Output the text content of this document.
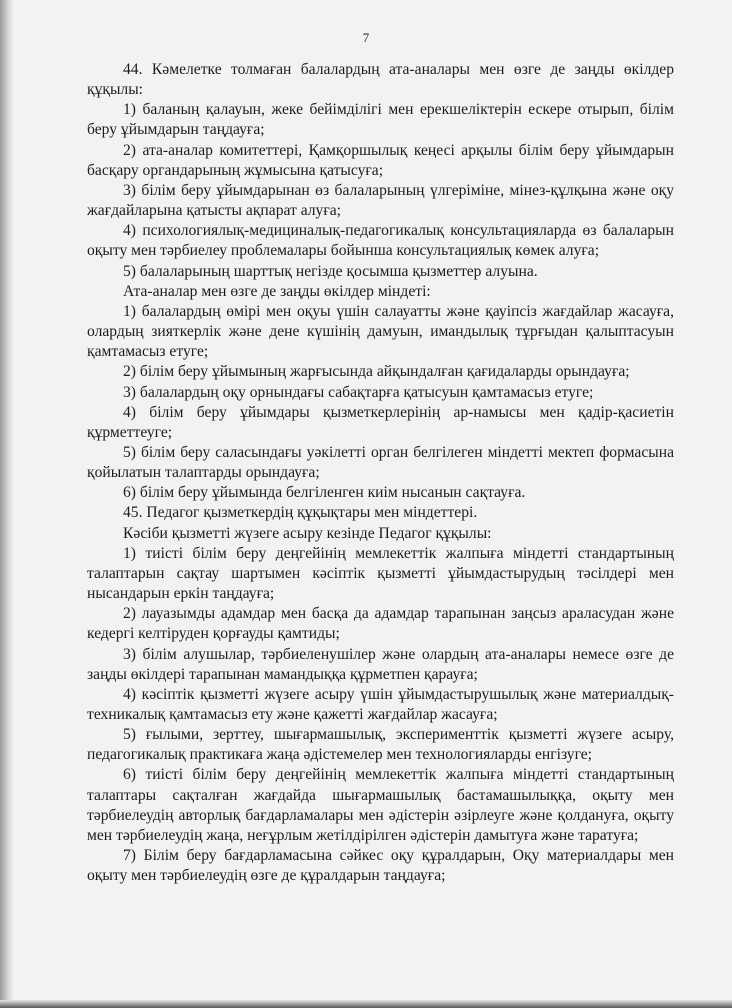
7

44. Кәмелетке толмаған балалардың ата-аналары мен өзге де заңды өкілдер құқылы:

1) баланың қалауын, жеке бейімділігі мен ерекшеліктерін ескере отырып, білім беру ұйымдарын таңдауға;

2) ата-аналар комитеттері, Қамқоршылық кеңесі арқылы білім беру ұйымдарын басқару органдарының жұмысына қатысуға;

3) білім беру ұйымдарынан өз балаларының үлгеріміне, мінез-құлқына және оқу жағдайларына қатысты ақпарат алуға;

4) психологиялық-медициналық-педагогикалық консультацияларда өз балаларын оқыту мен тәрбиелеу проблемалары бойынша консультациялық көмек алуға;

5) балаларының шарттық негізде қосымша қызметтер алуына.

Ата-аналар мен өзге де заңды өкілдер міндеті:

1) балалардың өмірі мен оқуы үшін салауатты және қауіпсіз жағдайлар жасауға, олардың зияткерлік және дене күшінің дамуын, имандылық тұрғыдан қалыптасуын қамтамасыз етуге;

2) білім беру ұйымының жарғысында айқындалған қағидаларды орындауға;

3) балалардың оқу орнындағы сабақтарға қатысуын қамтамасыз етуге;

4) білім беру ұйымдары қызметкерлерінің ар-намысы мен қадір-қасиетін құрметтеуге;

5) білім беру саласындағы уәкілетті орган белгілеген міндетті мектеп формасына қойылатын талаптарды орындауға;

6) білім беру ұйымында белгіленген киім нысанын сақтауға.

45. Педагог қызметкердің құқықтары мен міндеттері.

Кәсіби қызметті жүзеге асыру кезінде Педагог құқылы:

1) тиісті білім беру деңгейінің мемлекеттік жалпыға міндетті стандартының талаптарын сақтау шартымен кәсіптік қызметті ұйымдастырудың тәсілдері мен нысандарын еркін таңдауға;

2) лауазымды адамдар мен басқа да адамдар тарапынан заңсыз араласудан және кедергі келтіруден қорғауды қамтиды;

3) білім алушылар, тәрбиеленушілер және олардың ата-аналары немесе өзге де заңды өкілдері тарапынан мамандыққа құрметпен қарауға;

4) кәсіптік қызметті жүзеге асыру үшін ұйымдастырушылық және материалдық-техникалық қамтамасыз ету және қажетті жағдайлар жасауға;

5) ғылыми, зерттеу, шығармашылық, эксперименттік қызметті жүзеге асыру, педагогикалық практикаға жаңа әдістемелер мен технологияларды енгізуге;

6) тиісті білім беру деңгейінің мемлекеттік жалпыға міндетті стандартының талаптары сақталған жағдайда шығармашылық бастамашылыққа, оқыту мен тәрбиелеудің авторлық бағдарламалары мен әдістерін әзірлеуге және қолдануға, оқыту мен тәрбиелеудің жаңа, неғұрлым жетілдірілген әдістерін дамытуға және таратуға;

7) Білім беру бағдарламасына сәйкес оқу құралдарын, Оқу материалдары мен оқыту мен тәрбиелеудің өзге де құралдарын таңдауға;
